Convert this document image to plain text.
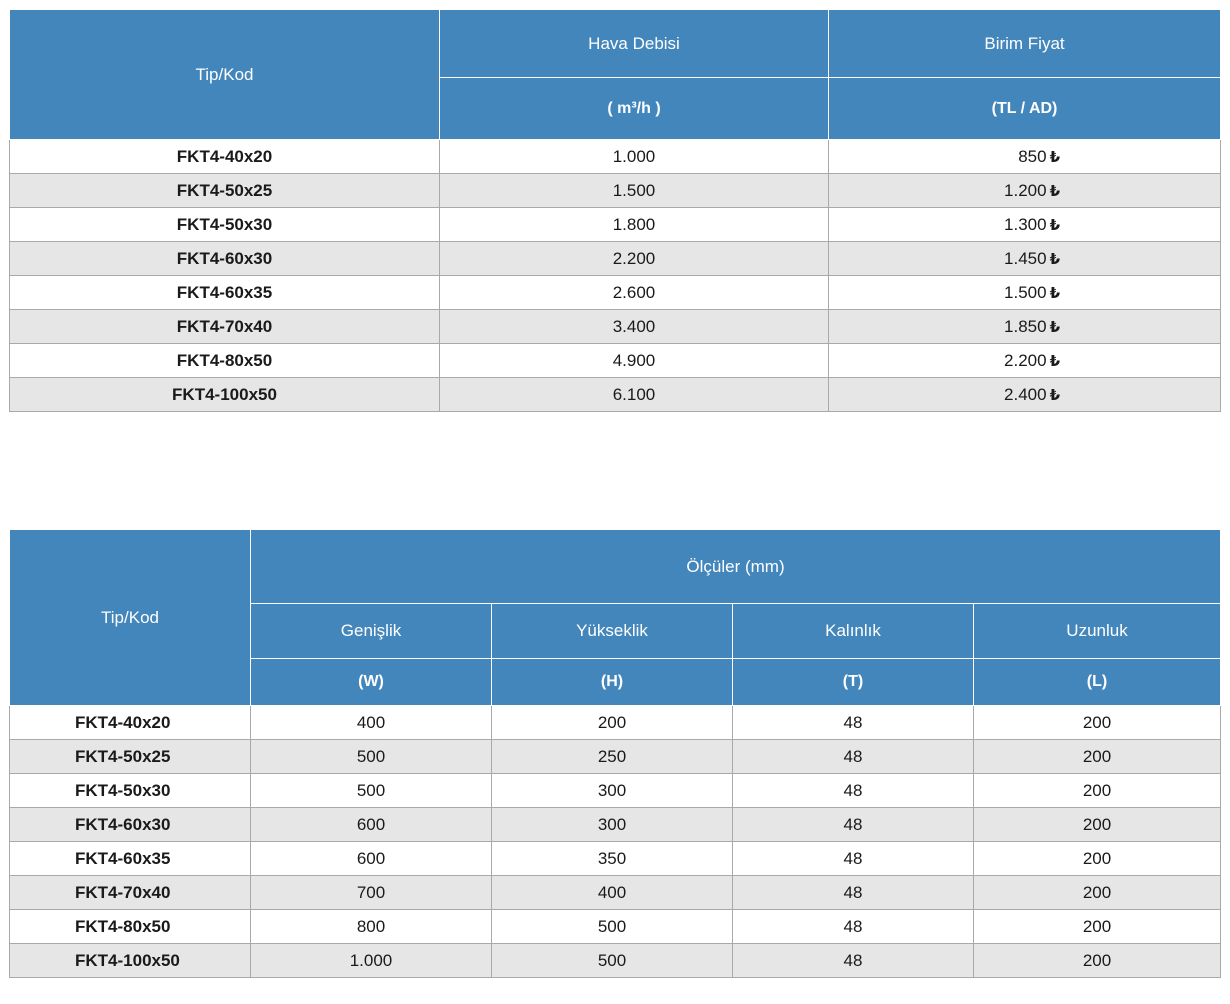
Tip/Kod	Hava Debisi	Birim Fiyat
	( m³/h )	(TL / AD)
FKT4-40x20	1.000	850 ₺
FKT4-50x25	1.500	1.200 ₺
FKT4-50x30	1.800	1.300 ₺
FKT4-60x30	2.200	1.450 ₺
FKT4-60x35	2.600	1.500 ₺
FKT4-70x40	3.400	1.850 ₺
FKT4-80x50	4.900	2.200 ₺
FKT4-100x50	6.100	2.400 ₺
Tip/Kod	Ölçüler (mm)			
	Genişlik	Yükseklik	Kalınlık	Uzunluk
	(W)	(H)	(T)	(L)
FKT4-40x20	400	200	48	200
FKT4-50x25	500	250	48	200
FKT4-50x30	500	300	48	200
FKT4-60x30	600	300	48	200
FKT4-60x35	600	350	48	200
FKT4-70x40	700	400	48	200
FKT4-80x50	800	500	48	200
FKT4-100x50	1.000	500	48	200
